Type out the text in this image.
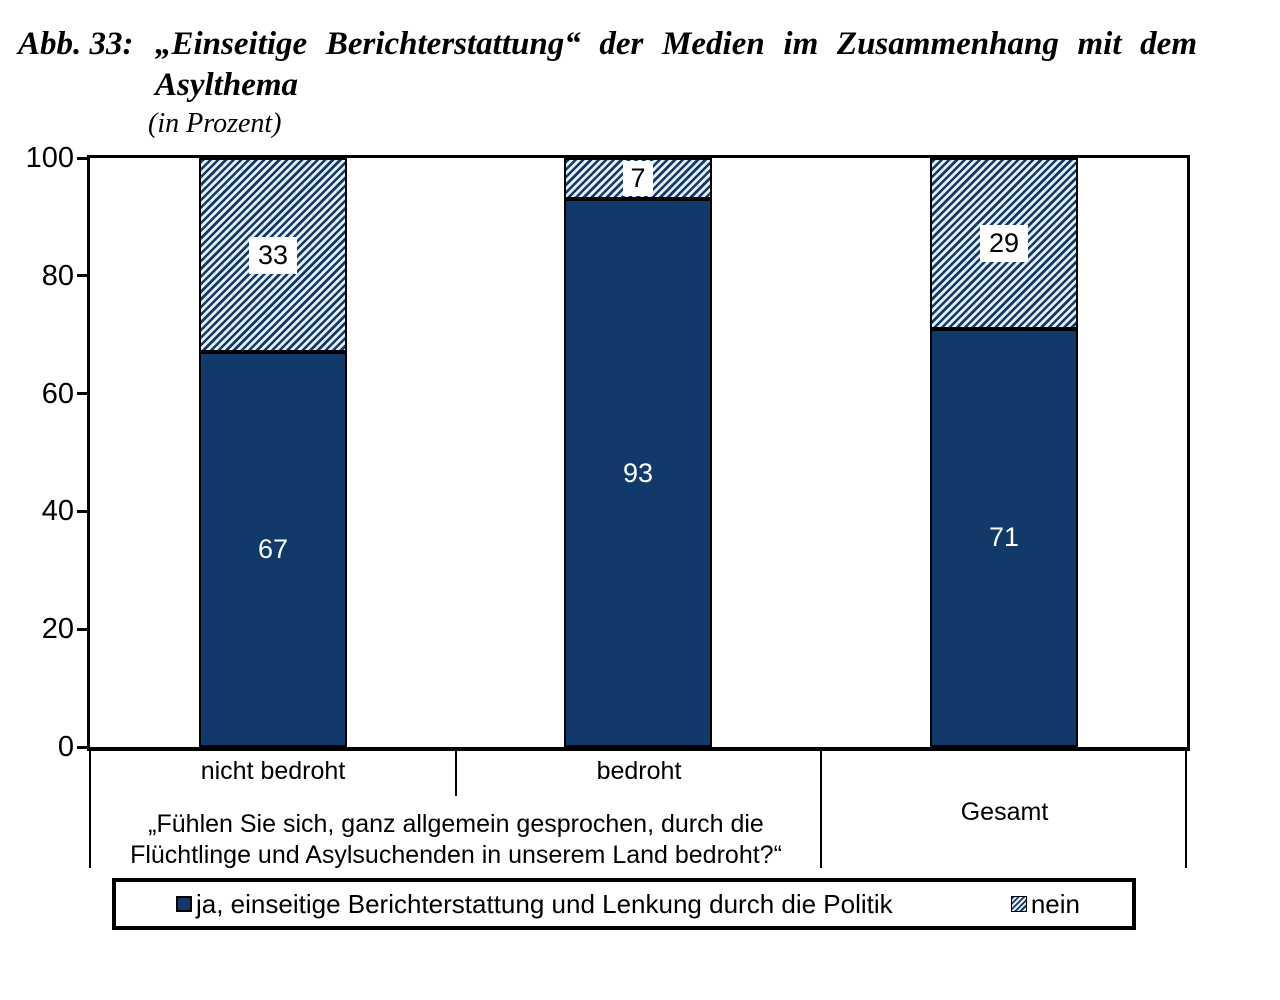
Abb. 33: „Einseitige Berichterstattung“ der Medien im Zusammenhang mit dem
Asylthema
(in Prozent)
100
80
60
40
20
0
33
67
7
93
29
71
nicht bedroht	bedroht
Gesamt
„Fühlen Sie sich, ganz allgemein gesprochen, durch die
Flüchtlinge und Asylsuchenden in unserem Land bedroht?“
ja, einseitige Berichterstattung und Lenkung durch die Politik	nein
